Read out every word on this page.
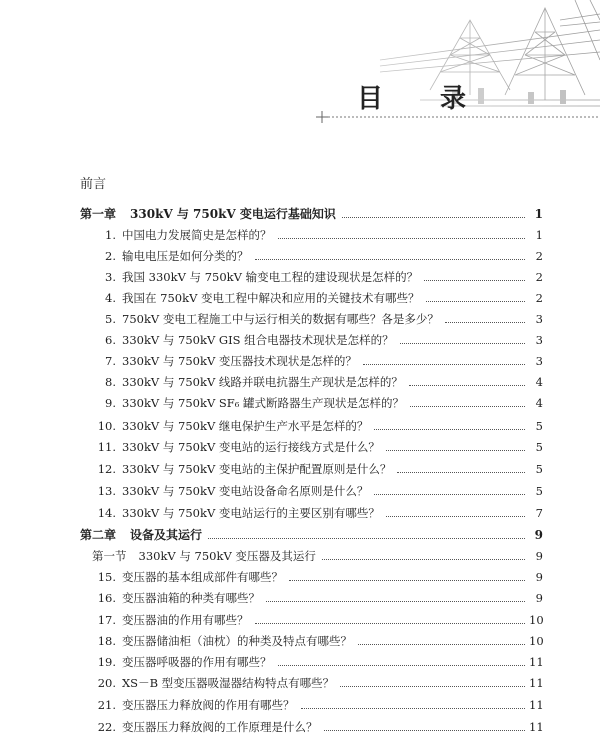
目 录
前言
第一章 330kV 与 750kV 变电运行基础知识	1
1. 中国电力发展简史是怎样的？	1
2. 输电电压是如何分类的？	2
3. 我国 330kV 与 750kV 输变电工程的建设现状是怎样的？	2
4. 我国在 750kV 变电工程中解决和应用的关键技术有哪些？	2
5. 750kV 变电工程施工中与运行相关的数据有哪些？各是多少？	3
6. 330kV 与 750kV GIS 组合电器技术现状是怎样的？	3
7. 330kV 与 750kV 变压器技术现状是怎样的？	3
8. 330kV 与 750kV 线路并联电抗器生产现状是怎样的？	4
9. 330kV 与 750kV SF₆ 罐式断路器生产现状是怎样的？	4
10. 330kV 与 750kV 继电保护生产水平是怎样的？	5
11. 330kV 与 750kV 变电站的运行接线方式是什么？	5
12. 330kV 与 750kV 变电站的主保护配置原则是什么？	5
13. 330kV 与 750kV 变电站设备命名原则是什么？	5
14. 330kV 与 750kV 变电站运行的主要区别有哪些？	7
第二章 设备及其运行	9
第一节 330kV 与 750kV 变压器及其运行	9
15. 变压器的基本组成部件有哪些？	9
16. 变压器油箱的种类有哪些？	9
17. 变压器油的作用有哪些？	10
18. 变压器储油柜（油枕）的种类及特点有哪些？	10
19. 变压器呼吸器的作用有哪些？	11
20. XS－B 型变压器吸湿器结构特点有哪些？	11
21. 变压器压力释放阀的作用有哪些？	11
22. 变压器压力释放阀的工作原理是什么？	11
